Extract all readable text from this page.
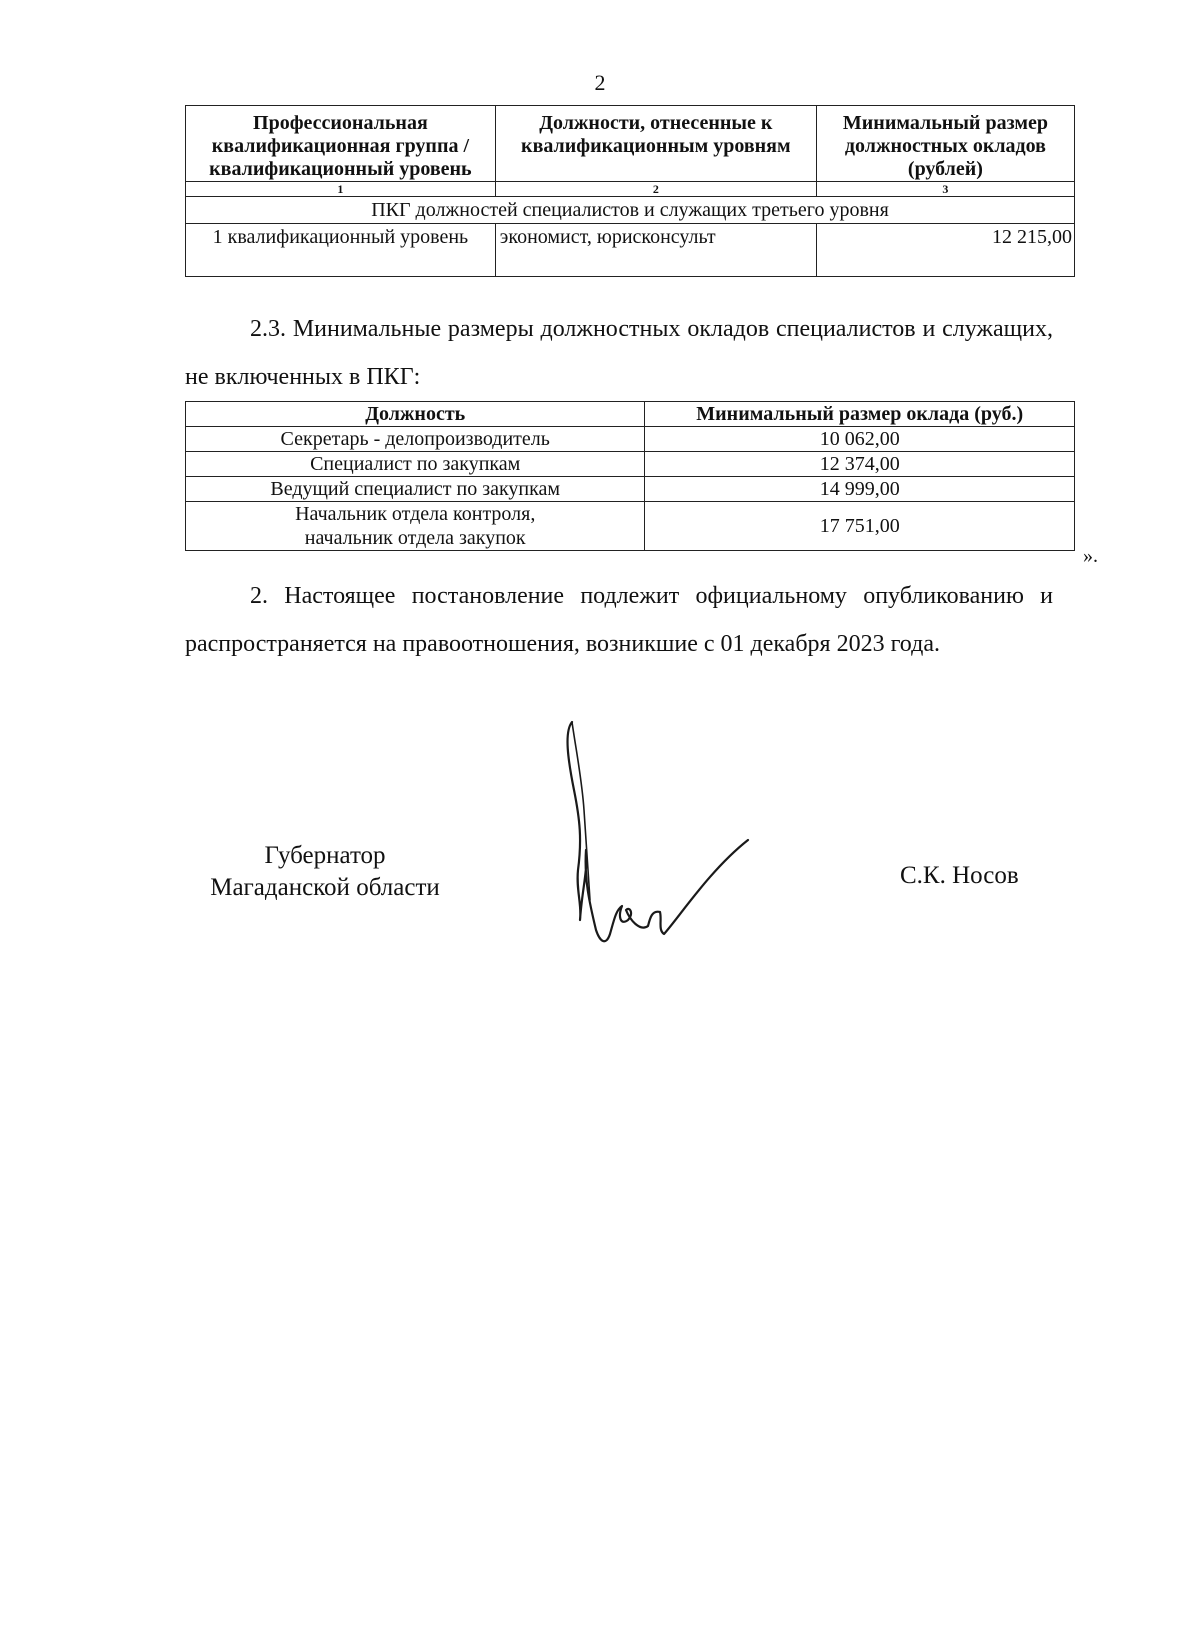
2
Профессиональная квалификационная группа / квалификационный уровень	Должности, отнесенные к квалификационным уровням	Минимальный размер должностных окладов (рублей)
1	2	3
ПКГ должностей специалистов и служащих третьего уровня		
1 квалификационный уровень	экономист, юрисконсульт	12 215,00
2.3. Минимальные размеры должностных окладов специалистов и служащих, не включенных в ПКГ:
Должность	Минимальный размер оклада (руб.)
Секретарь - делопроизводитель	10 062,00
Специалист по закупкам	12 374,00
Ведущий специалист по закупкам	14 999,00

Начальник отдела контроля,
начальник отдела закупок	17 751,00
».
2. Настоящее постановление подлежит официальному опубликованию и распространяется на правоотношения, возникшие с 01 декабря 2023 года.
Губернатор
Магаданской области	С.К. Носов
